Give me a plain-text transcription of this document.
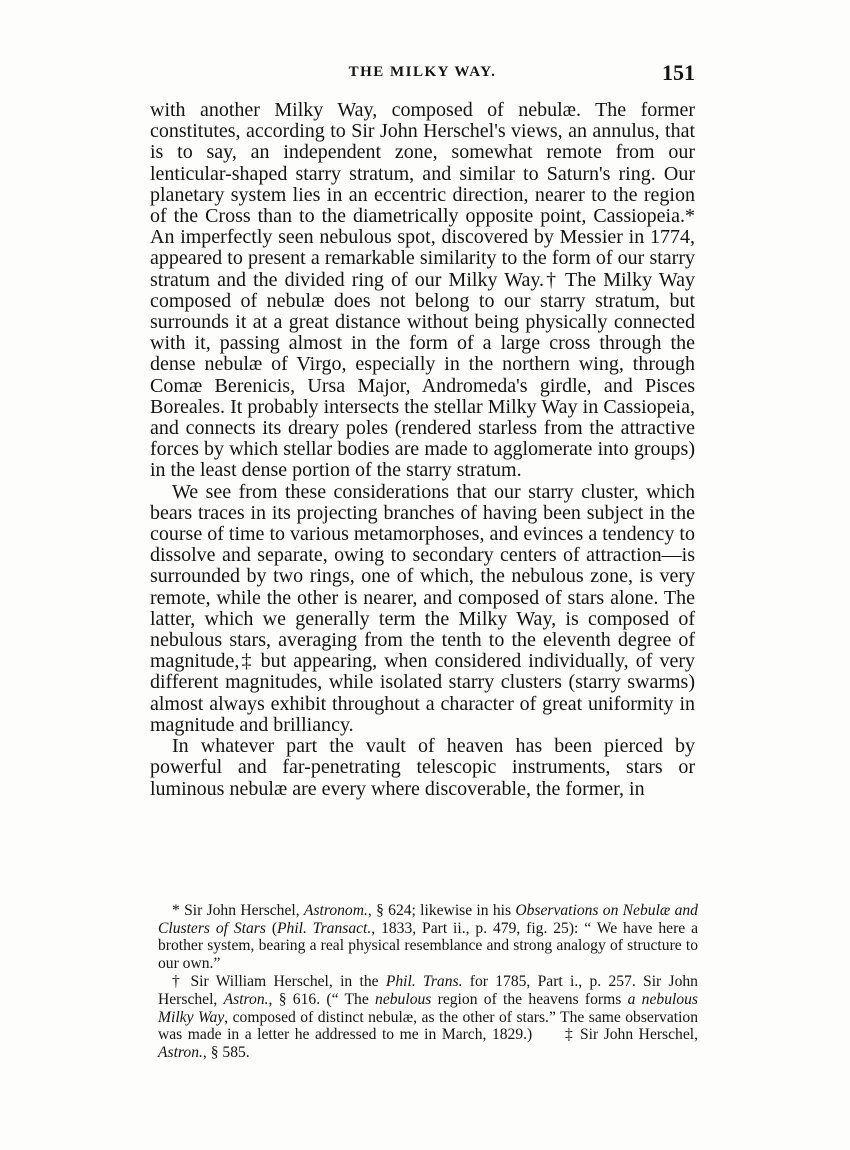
THE MILKY WAY.	151

with another Milky Way, composed of nebulæ. The former constitutes, according to Sir John Herschel's views, an annulus, that is to say, an independent zone, somewhat remote from our lenticular-shaped starry stratum, and similar to Saturn's ring. Our planetary system lies in an eccentric direction, nearer to the region of the Cross than to the diametrically opposite point, Cassiopeia.* An imperfectly seen nebulous spot, discovered by Messier in 1774, appeared to present a remarkable similarity to the form of our starry stratum and the divided ring of our Milky Way.† The Milky Way composed of nebulæ does not belong to our starry stratum, but surrounds it at a great distance without being physically connected with it, passing almost in the form of a large cross through the dense nebulæ of Virgo, especially in the northern wing, through Comæ Berenicis, Ursa Major, Andromeda's girdle, and Pisces Boreales. It probably intersects the stellar Milky Way in Cassiopeia, and connects its dreary poles (rendered starless from the attractive forces by which stellar bodies are made to agglomerate into groups) in the least dense portion of the starry stratum.

We see from these considerations that our starry cluster, which bears traces in its projecting branches of having been subject in the course of time to various metamorphoses, and evinces a tendency to dissolve and separate, owing to secondary centers of attraction—is surrounded by two rings, one of which, the nebulous zone, is very remote, while the other is nearer, and composed of stars alone. The latter, which we generally term the Milky Way, is composed of nebulous stars, averaging from the tenth to the eleventh degree of magnitude,‡ but appearing, when considered individually, of very different magnitudes, while isolated starry clusters (starry swarms) almost always exhibit throughout a character of great uniformity in magnitude and brilliancy.

In whatever part the vault of heaven has been pierced by powerful and far-penetrating telescopic instruments, stars or luminous nebulæ are every where discoverable, the former, in

* Sir John Herschel, Astronom., § 624; likewise in his Observations on Nebulæ and Clusters of Stars (Phil. Transact., 1833, Part ii., p. 479, fig. 25): “ We have here a brother system, bearing a real physical resemblance and strong analogy of structure to our own.”

† Sir William Herschel, in the Phil. Trans. for 1785, Part i., p. 257. Sir John Herschel, Astron., § 616. (“ The nebulous region of the heavens forms a nebulous Milky Way, composed of distinct nebulæ, as the other of stars.” The same observation was made in a letter he addressed to me in March, 1829.)  ‡ Sir John Herschel, Astron., § 585.
